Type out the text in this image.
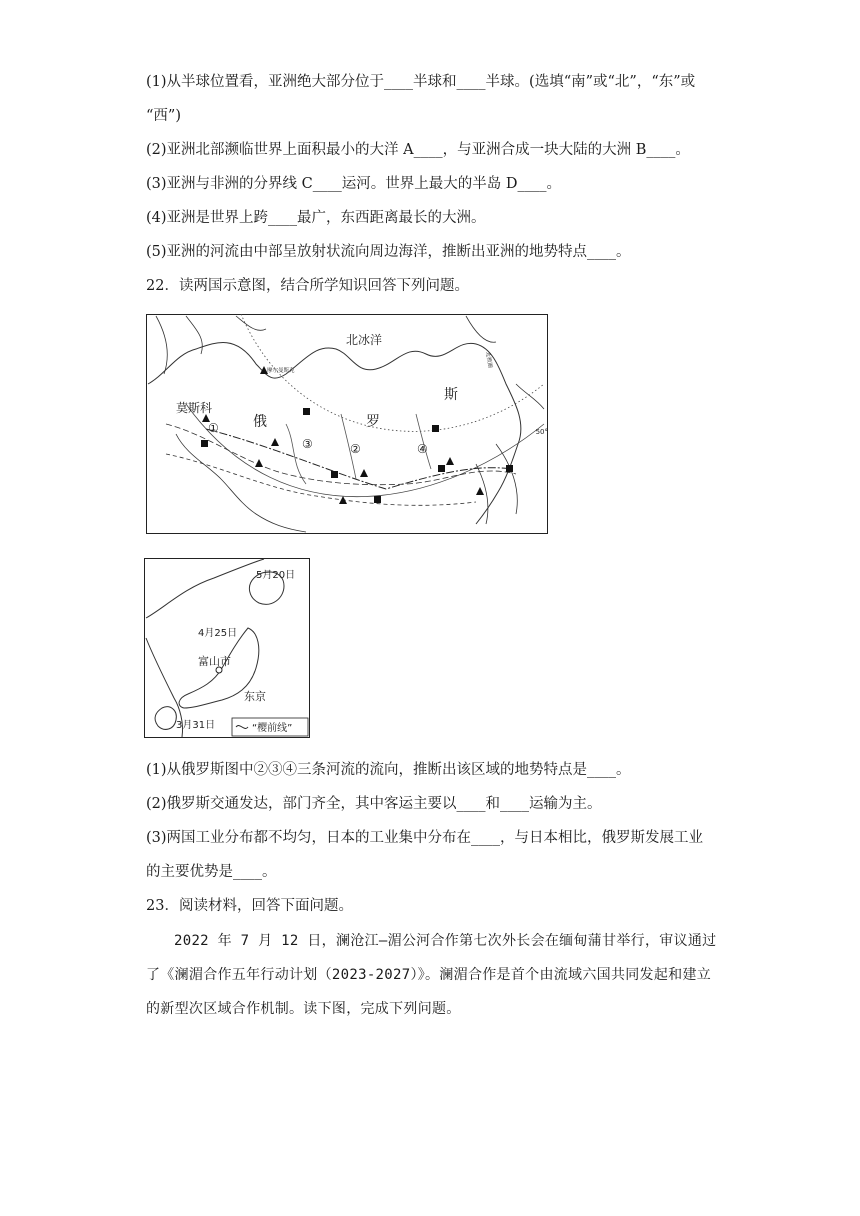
(1)从半球位置看，亚洲绝大部分位于____半球和____半球。(选填“南”或“北”，“东”或
“西”)
(2)亚洲北部濒临世界上面积最小的大洋 A____，与亚洲合成一块大陆的大洲 B____。
(3)亚洲与非洲的分界线 C____运河。世界上最大的半岛 D____。
(4)亚洲是世界上跨____最广，东西距离最长的大洲。
(5)亚洲的河流由中部呈放射状流向周边海洋，推断出亚洲的地势特点____。
22．读两国示意图，结合所学知识回答下列问题。
北冰洋
俄	罗
斯
莫斯科
摩尔曼斯克
北极圈
50°
①
②
③	④
5月20日
4月25日
3月31日
富山市
东京
“樱前线”
(1)从俄罗斯图中②③④三条河流的流向，推断出该区域的地势特点是____。
(2)俄罗斯交通发达，部门齐全，其中客运主要以____和____运输为主。
(3)两国工业分布都不均匀，日本的工业集中分布在____，与日本相比，俄罗斯发展工业
的主要优势是____。
23．阅读材料，回答下面问题。
2022 年 7 月 12 日，澜沧江—湄公河合作第七次外长会在缅甸蒲甘举行，审议通过了《澜湄合作五年行动计划（2023-2027）》。澜湄合作是首个由流域六国共同发起和建立的新型次区域合作机制。读下图，完成下列问题。
